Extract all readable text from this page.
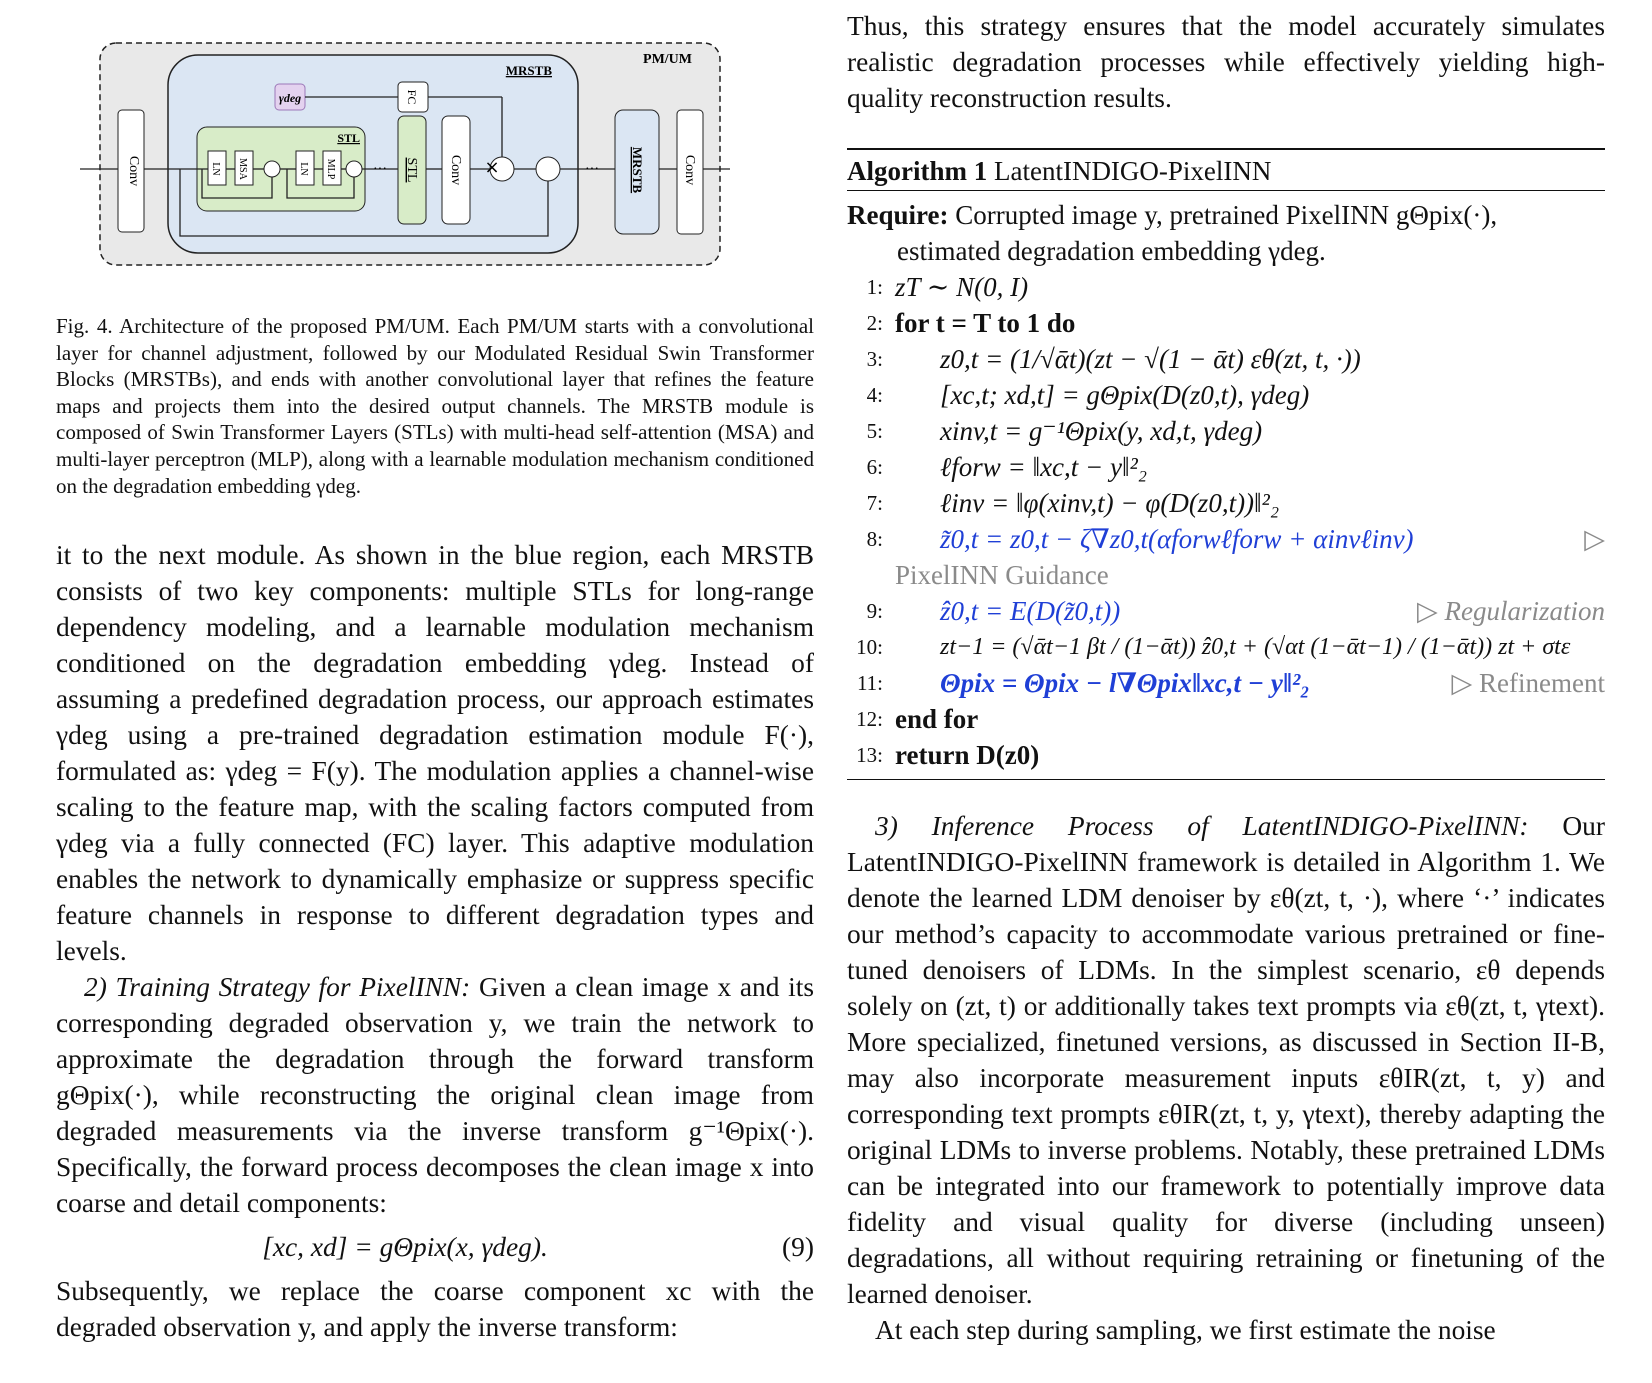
PM/UM
MRSTB
γdeg	FC
STL
Conv	LN MSA	LN MLP	STL Conv	MRSTB	Conv
×	···
···
Fig. 4. Architecture of the proposed PM/UM. Each PM/UM starts with a convolutional layer for channel adjustment, followed by our Modulated Residual Swin Transformer Blocks (MRSTBs), and ends with another convolutional layer that refines the feature maps and projects them into the desired output channels. The MRSTB module is composed of Swin Transformer Layers (STLs) with multi-head self-attention (MSA) and multi-layer perceptron (MLP), along with a learnable modulation mechanism conditioned on the degradation embedding γdeg.
it to the next module. As shown in the blue region, each MRSTB consists of two key components: multiple STLs for long-range dependency modeling, and a learnable modulation mechanism conditioned on the degradation embedding γdeg. Instead of assuming a predefined degradation process, our approach estimates γdeg using a pre-trained degradation estimation module F(·), formulated as: γdeg = F(y). The modulation applies a channel-wise scaling to the feature map, with the scaling factors computed from γdeg via a fully connected (FC) layer. This adaptive modulation enables the network to dynamically emphasize or suppress specific feature channels in response to different degradation types and levels.
2) Training Strategy for PixelINN: Given a clean image x and its corresponding degraded observation y, we train the network to approximate the degradation through the forward transform gΘpix(·), while reconstructing the original clean image from degraded measurements via the inverse transform g⁻¹Θpix(·). Specifically, the forward process decomposes the clean image x into coarse and detail components:
[xc, xd] = gΘpix(x, γdeg).	(9)
Subsequently, we replace the coarse component xc with the degraded observation y, and apply the inverse transform:
Thus, this strategy ensures that the model accurately simulates realistic degradation processes while effectively yielding high-quality reconstruction results.
Algorithm 1 LatentINDIGO-PixelINN
Require: Corrupted image y, pretrained PixelINN gΘpix(·),
estimated degradation embedding γdeg.
1: zT ∼ N(0, I)
2: for t = T to 1 do
3:	z0,t = (1/√ᾱt)(zt − √(1 − ᾱt) εθ(zt, t, ·))
4:	[xc,t; xd,t] = gΘpix(D(z0,t), γdeg)
5:	xinv,t = g⁻¹Θpix(y, xd,t, γdeg)
6:	ℓforw = ‖xc,t − y‖²₂
7:	ℓinv = ‖φ(xinv,t) − φ(D(z0,t))‖²₂
8:	z̃0,t = z0,t − ζ∇z0,t(αforwℓforw + αinvℓinv)	▷
PixelINN Guidance
9:	ẑ0,t = E(D(z̃0,t))	▷ Regularization
10:	zt−1 = (√ᾱt−1 βt / (1−ᾱt)) ẑ0,t + (√αt (1−ᾱt−1) / (1−ᾱt)) zt + σtε
11:	Θpix = Θpix − l∇Θpix‖xc,t − y‖²₂	▷ Refinement
12: end for
13: return D(z0)
3) Inference Process of LatentINDIGO-PixelINN: Our LatentINDIGO-PixelINN framework is detailed in Algorithm 1. We denote the learned LDM denoiser by εθ(zt, t, ·), where ‘·’ indicates our method’s capacity to accommodate various pretrained or fine-tuned denoisers of LDMs. In the simplest scenario, εθ depends solely on (zt, t) or additionally takes text prompts via εθ(zt, t, γtext). More specialized, finetuned versions, as discussed in Section II-B, may also incorporate measurement inputs εθIR(zt, t, y) and corresponding text prompts εθIR(zt, t, y, γtext), thereby adapting the original LDMs to inverse problems. Notably, these pretrained LDMs can be integrated into our framework to potentially improve data fidelity and visual quality for diverse (including unseen) degradations, all without requiring retraining or finetuning of the learned denoiser.
At each step during sampling, we first estimate the noise
